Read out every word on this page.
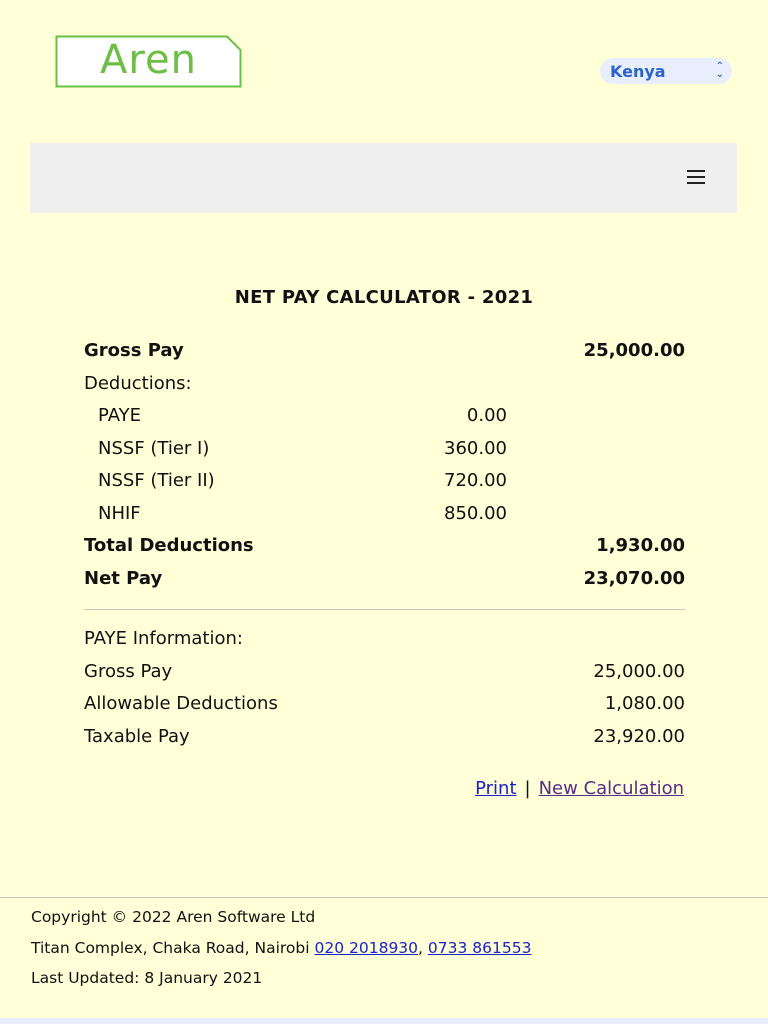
Aren	Kenya	⌃
⌄
NET PAY CALCULATOR - 2021
Gross Pay	25,000.00
Deductions:
PAYE	0.00
NSSF (Tier I)	360.00
NSSF (Tier II)	720.00
NHIF	850.00
Total Deductions	1,930.00
Net Pay	23,070.00
PAYE Information:
Gross Pay	25,000.00
Allowable Deductions	1,080.00
Taxable Pay	23,920.00
Print | New Calculation
Copyright © 2022 Aren Software Ltd
Titan Complex, Chaka Road, Nairobi 020 2018930, 0733 861553
Last Updated: 8 January 2021
